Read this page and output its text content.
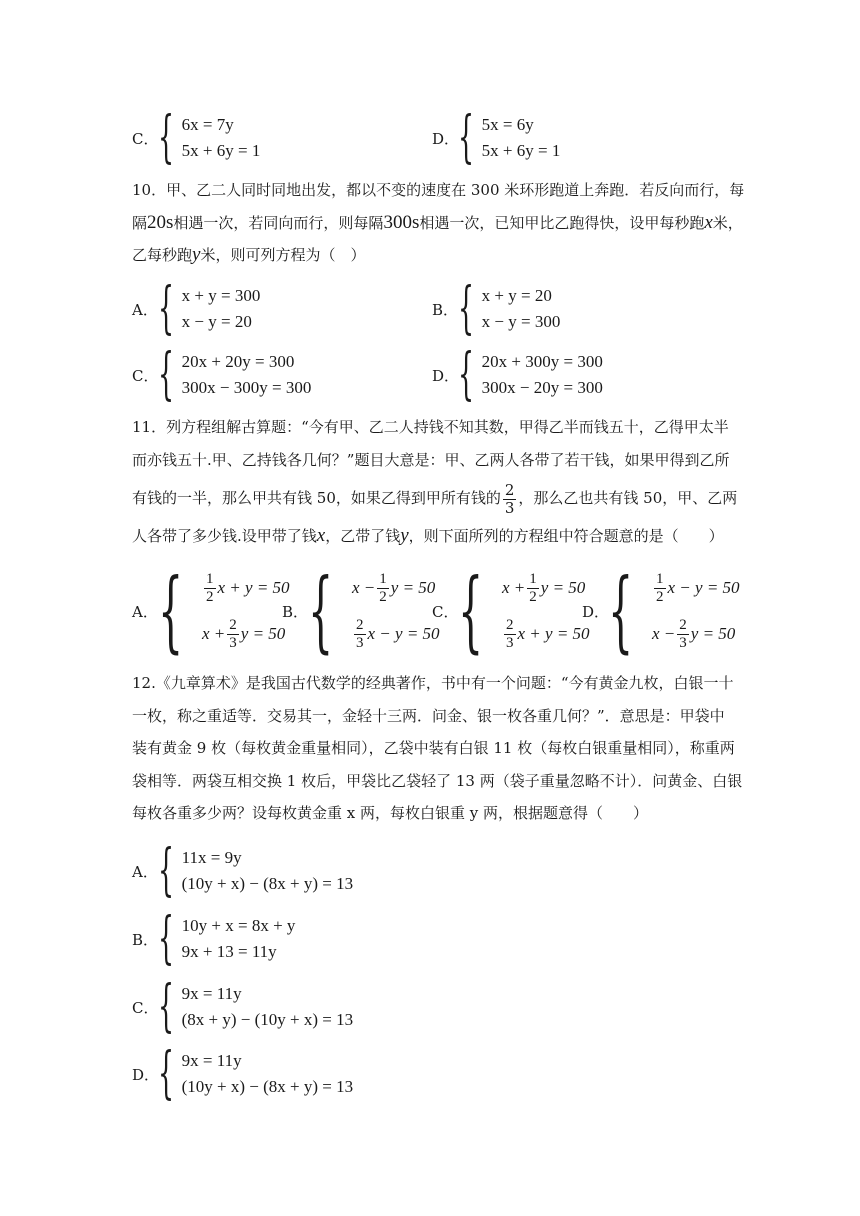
C． { 6x = 7y
5x + 6y = 1
D．
{ 5x = 6y
5x + 6y = 1
10．甲、乙二人同时同地出发，都以不变的速度在 300 米环形跑道上奔跑．若反向而行，每
隔20s相遇一次，若同向而行，则每隔300s相遇一次，已知甲比乙跑得快，设甲每秒跑x米，
乙每秒跑y米，则可列方程为（　）
A． { x + y = 300
x − y = 20
B． { x + y = 20
x − y = 300
C． { 20x + 20y = 300
300x − 300y = 300
D．
{ 20x + 300y = 300
300x − 20y = 300
11．列方程组解古算题：“今有甲、乙二人持钱不知其数，甲得乙半而钱五十，乙得甲太半
而亦钱五十.甲、乙持钱各几何？”题目大意是：甲、乙两人各带了若干钱，如果甲得到乙所
有钱的一半，那么甲共有钱 50，如果乙得到甲所有钱的 $\frac{2}{3}$ ，那么乙也共有钱 50，甲、乙两
人各带了多少钱.设甲带了钱x，乙带了钱y，则下面所列的方程组中符合题意的是（　　）
A． { 1
2 x + y = 50
$x + \frac{2}{3}$ y = 50
B． { $x - \frac{1}{2}$ y = 50
2
3 x − y = 50
C． { $x + \frac{1}{2}$ y = 50
2
3 x + y = 50
D．
{ 1
2 x − y = 50
$x - \frac{2}{3}$ y = 50
12.《九章算术》是我国古代数学的经典著作，书中有一个问题：“今有黄金九枚，白银一十
一枚，称之重适等．交易其一，金轻十三两．问金、银一枚各重几何？”．意思是：甲袋中
装有黄金 9 枚（每枚黄金重量相同），乙袋中装有白银 11 枚（每枚白银重量相同），称重两
袋相等．两袋互相交换 1 枚后，甲袋比乙袋轻了 13 两（袋子重量忽略不计）．问黄金、白银
每枚各重多少两？设每枚黄金重 x 两，每枚白银重 y 两，根据题意得（　　）
A． { 11x = 9y
(10y + x) − (8x + y) = 13
B． { 10y + x = 8x + y
9x + 13 = 11y
C． { 9x = 11y
(8x + y) − (10y + x) = 13
D．
{ 9x = 11y
(10y + x) − (8x + y) = 13
